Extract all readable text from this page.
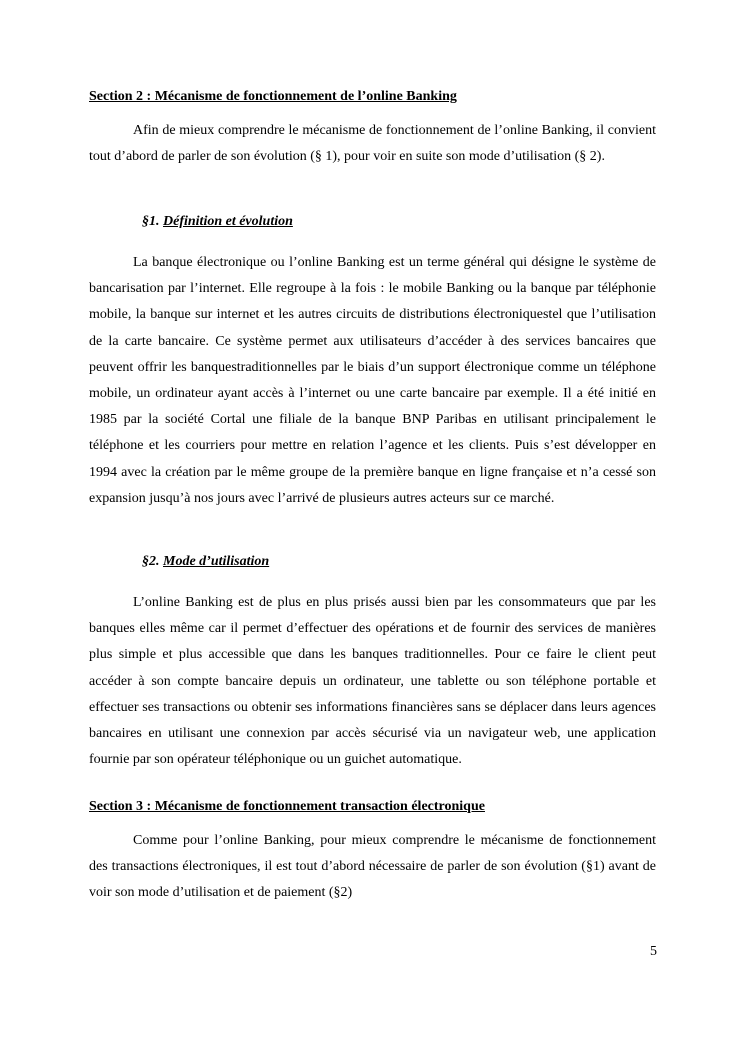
Section 2 : Mécanisme de fonctionnement de l’online Banking

Afin de mieux comprendre le mécanisme de fonctionnement de l’online Banking, il convient tout d’abord de parler de son évolution (§ 1), pour voir en suite son mode d’utilisation (§ 2).

§1. Définition et évolution

La banque électronique ou l’online Banking est un terme général qui désigne le système de bancarisation par l’internet. Elle regroupe à la fois : le mobile Banking ou la banque par téléphonie mobile, la banque sur internet et les autres circuits de distributions électroniquestel que l’utilisation de la carte bancaire. Ce système permet aux utilisateurs d’accéder à des services bancaires que peuvent offrir les banquestraditionnelles par le biais d’un support électronique comme un téléphone mobile, un ordinateur ayant accès à l’internet ou une carte bancaire par exemple. Il a été initié en 1985 par la société Cortal une filiale de la banque BNP Paribas en utilisant principalement le téléphone et les courriers pour mettre en relation l’agence et les clients. Puis s’est développer en 1994 avec la création par le même groupe de la première banque en ligne française et n’a cessé son expansion jusqu’à nos jours avec l’arrivé de plusieurs autres acteurs sur ce marché.

§2. Mode d’utilisation

L’online Banking est de plus en plus prisés aussi bien par les consommateurs que par les banques elles même car il permet d’effectuer des opérations et de fournir des services de manières plus simple et plus accessible que dans les banques traditionnelles. Pour ce faire le client peut accéder à son compte bancaire depuis un ordinateur, une tablette ou son téléphone portable et effectuer ses transactions ou obtenir ses informations financières sans se déplacer dans leurs agences bancaires en utilisant une connexion par accès sécurisé via un navigateur web, une application fournie par son opérateur téléphonique ou un guichet automatique.

Section 3 : Mécanisme de fonctionnement transaction électronique

Comme pour l’online Banking, pour mieux comprendre le mécanisme de fonctionnement des transactions électroniques, il est tout d’abord nécessaire de parler de son évolution (§1) avant de voir son mode d’utilisation et de paiement (§2)

5
